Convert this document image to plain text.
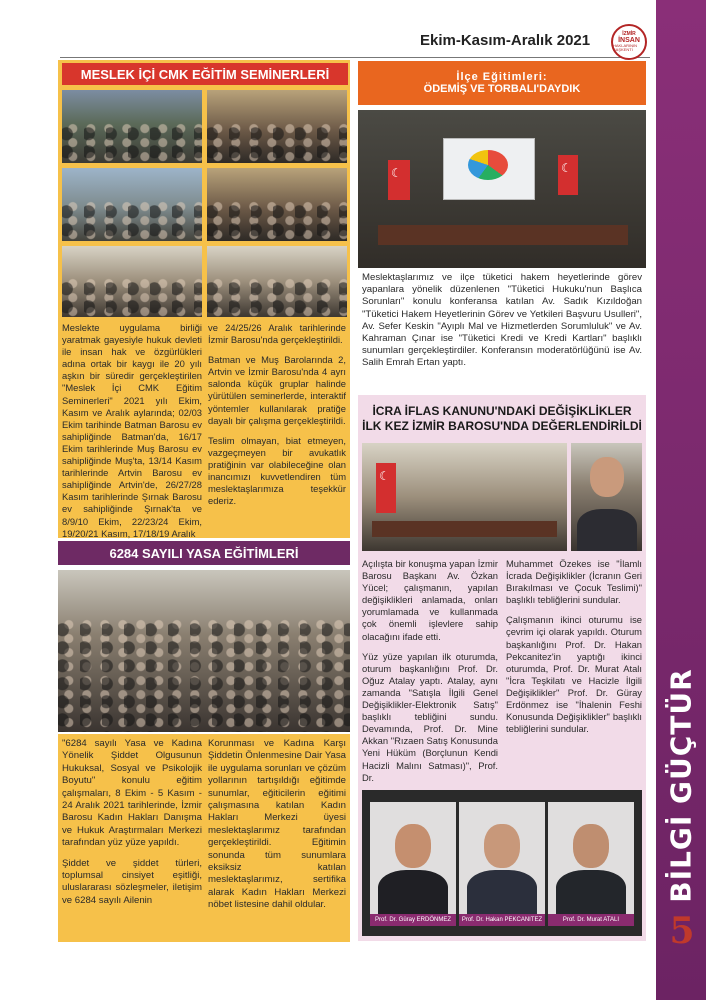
BİLGİ GÜÇTÜR
5
Ekim-Kasım-Aralık 2021	İZMİR
İNSAN
HAKLARININ BAŞKENTİ
MESLEK İÇİ CMK EĞİTİM SEMİNERLERİ
Meslekte uygulama birliği yaratmak gayesiyle hukuk devleti ile insan hak ve özgürlükleri adına ortak bir kaygı ile 20 yılı aşkın bir süredir gerçekleştirilen "Meslek İçi CMK Eğitim Seminerleri" 2021 yılı Ekim, Kasım ve Aralık aylarında; 02/03 Ekim tarihinde Batman Barosu ev sahipliğinde Batman'da, 16/17 Ekim tarihlerinde Muş Barosu ev sahipliğinde Muş'ta, 13/14 Kasım tarihlerinde Artvin Barosu ev sahipliğinde Artvin'de, 26/27/28 Kasım tarihlerinde Şırnak Barosu ev sahipliğinde Şırnak'ta ve 8/9/10 Ekim, 22/23/24 Ekim, 19/20/21 Kasım, 17/18/19 Aralık

ve 24/25/26 Aralık tarihlerinde İzmir Barosu'nda gerçekleştirildi.

Batman ve Muş Barolarında 2, Artvin ve İzmir Barosu'nda 4 ayrı salonda küçük gruplar halinde yürütülen seminerlerde, interaktif yöntemler kullanılarak pratiğe dayalı bir çalışma gerçekleştirildi.

Teslim olmayan, biat etmeyen, vazgeçmeyen bir avukatlık pratiğinin var olabileceğine olan inancımızı kuvvetlendiren tüm meslektaşlarımıza teşekkür ederiz.

İlçe Eğitimleri:
ÖDEMİŞ VE TORBALI'DAYDIK
☾
☾
Meslektaşlarımız ve ilçe tüketici hakem heyetlerinde görev yapanlara yönelik düzenlenen "Tüketici Hukuku'nun Başlıca Sorunları" konulu konferansa katılan Av. Sadık Kızıldoğan "Tüketici Hakem Heyetlerinin Görev ve Yetkileri Başvuru Usulleri", Av. Sefer Keskin "Ayıplı Mal ve Hizmetlerden Sorumluluk" ve Av. Kahraman Çınar ise "Tüketici Kredi ve Kredi Kartları" başlıklı sunumları gerçekleştirdiler. Konferansın moderatörlüğünü ise Av. Salih Emrah Ertan yaptı.
İCRA İFLAS KANUNU'NDAKİ DEĞİŞİKLİKLER İLK KEZ İZMİR BAROSU'NDA DEĞERLENDİRİLDİ
☾

Açılışta bir konuşma yapan İzmir Barosu Başkanı Av. Özkan Yücel; çalışmanın, yapılan değişiklikleri anlamada, onları yorumlamada ve kullanmada çok önemli işlevlere sahip olacağını ifade etti.

Yüz yüze yapılan ilk oturumda, oturum başkanlığını Prof. Dr. Oğuz Atalay yaptı. Atalay, aynı zamanda "Satışla İlgili Genel Değişiklikler-Elektronik Satış" başlıklı tebliğini sundu. Devamında, Prof. Dr. Mine Akkan "Rızaen Satış Konusunda Yeni Hüküm (Borçlunun Kendi Hacizli Malını Satması)", Prof. Dr.

Muhammet Özekes ise "İlamlı İcrada Değişiklikler (İcranın Geri Bırakılması ve Çocuk Teslimi)" başlıklı tebliğlerini sundular.

Çalışmanın ikinci oturumu ise çevrim içi olarak yapıldı. Oturum başkanlığını Prof. Dr. Hakan Pekcanitez'in yaptığı ikinci oturumda, Prof. Dr. Murat Atalı "İcra Teşkilatı ve Hacizle İlgili Değişiklikler" Prof. Dr. Güray Erdönmez ise "İhalenin Feshi Konusunda Değişiklikler" başlıklı tebliğlerini sundular.

Prof. Dr. Güray ERDÖNMEZ	Prof. Dr. Hakan PEKCANITEZ	Prof. Dr. Murat ATALI
6284 SAYILI YASA EĞİTİMLERİ

"6284 sayılı Yasa ve Kadına Yönelik Şiddet Olgusunun Hukuksal, Sosyal ve Psikolojik Boyutu" konulu eğitim çalışmaları, 8 Ekim - 5 Kasım - 24 Aralık 2021 tarihlerinde, İzmir Barosu Kadın Hakları Danışma ve Hukuk Araştırmaları Merkezi tarafından yüz yüze yapıldı.

Şiddet ve şiddet türleri, toplumsal cinsiyet eşitliği, uluslararası sözleşmeler, iletişim ve 6284 sayılı Ailenin

Korunması ve Kadına Karşı Şiddetin Önlenmesine Dair Yasa ile uygulama sorunları ve çözüm yollarının tartışıldığı eğitimde sunumlar, eğiticilerin eğitimi çalışmasına katılan Kadın Hakları Merkezi üyesi meslektaşlarımız tarafından gerçekleştirildi. Eğitimin sonunda tüm sunumlara eksiksiz katılan meslektaşlarımız, sertifika alarak Kadın Hakları Merkezi nöbet listesine dahil oldular.
